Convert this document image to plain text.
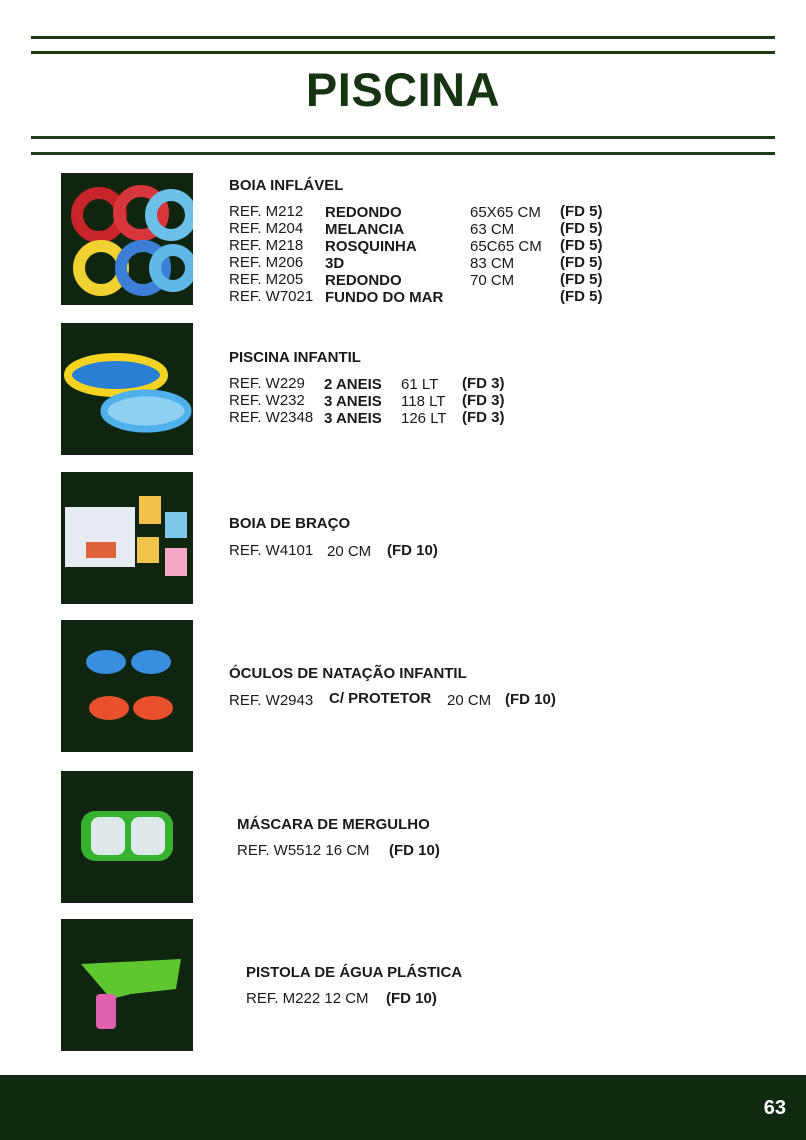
PISCINA
BOIA INFLÁVEL
REF. M212
REF. M204
REF. M218
REF. M206
REF. M205
REF. W7021
REDONDO
MELANCIA
ROSQUINHA
3D
REDONDO
FUNDO DO MAR
65X65 CM
63 CM
65C65 CM
83 CM
70 CM
(FD 5)
(FD 5)
(FD 5)
(FD 5)
(FD 5)
(FD 5)
PISCINA INFANTIL
REF. W229
REF. W232
REF. W2348
2 ANEIS
3 ANEIS
3 ANEIS
61 LT
118 LT
126 LT
(FD 3)
(FD 3)
(FD 3)
BOIA DE BRAÇO
REF. W4101 20 CM (FD 10)
ÓCULOS DE NATAÇÃO INFANTIL
REF. W2943 C/ PROTETOR 20 CM (FD 10)
MÁSCARA DE MERGULHO
REF. W5512 16 CM (FD 10)
PISTOLA DE ÁGUA PLÁSTICA
REF. M222 12 CM (FD 10)
63
